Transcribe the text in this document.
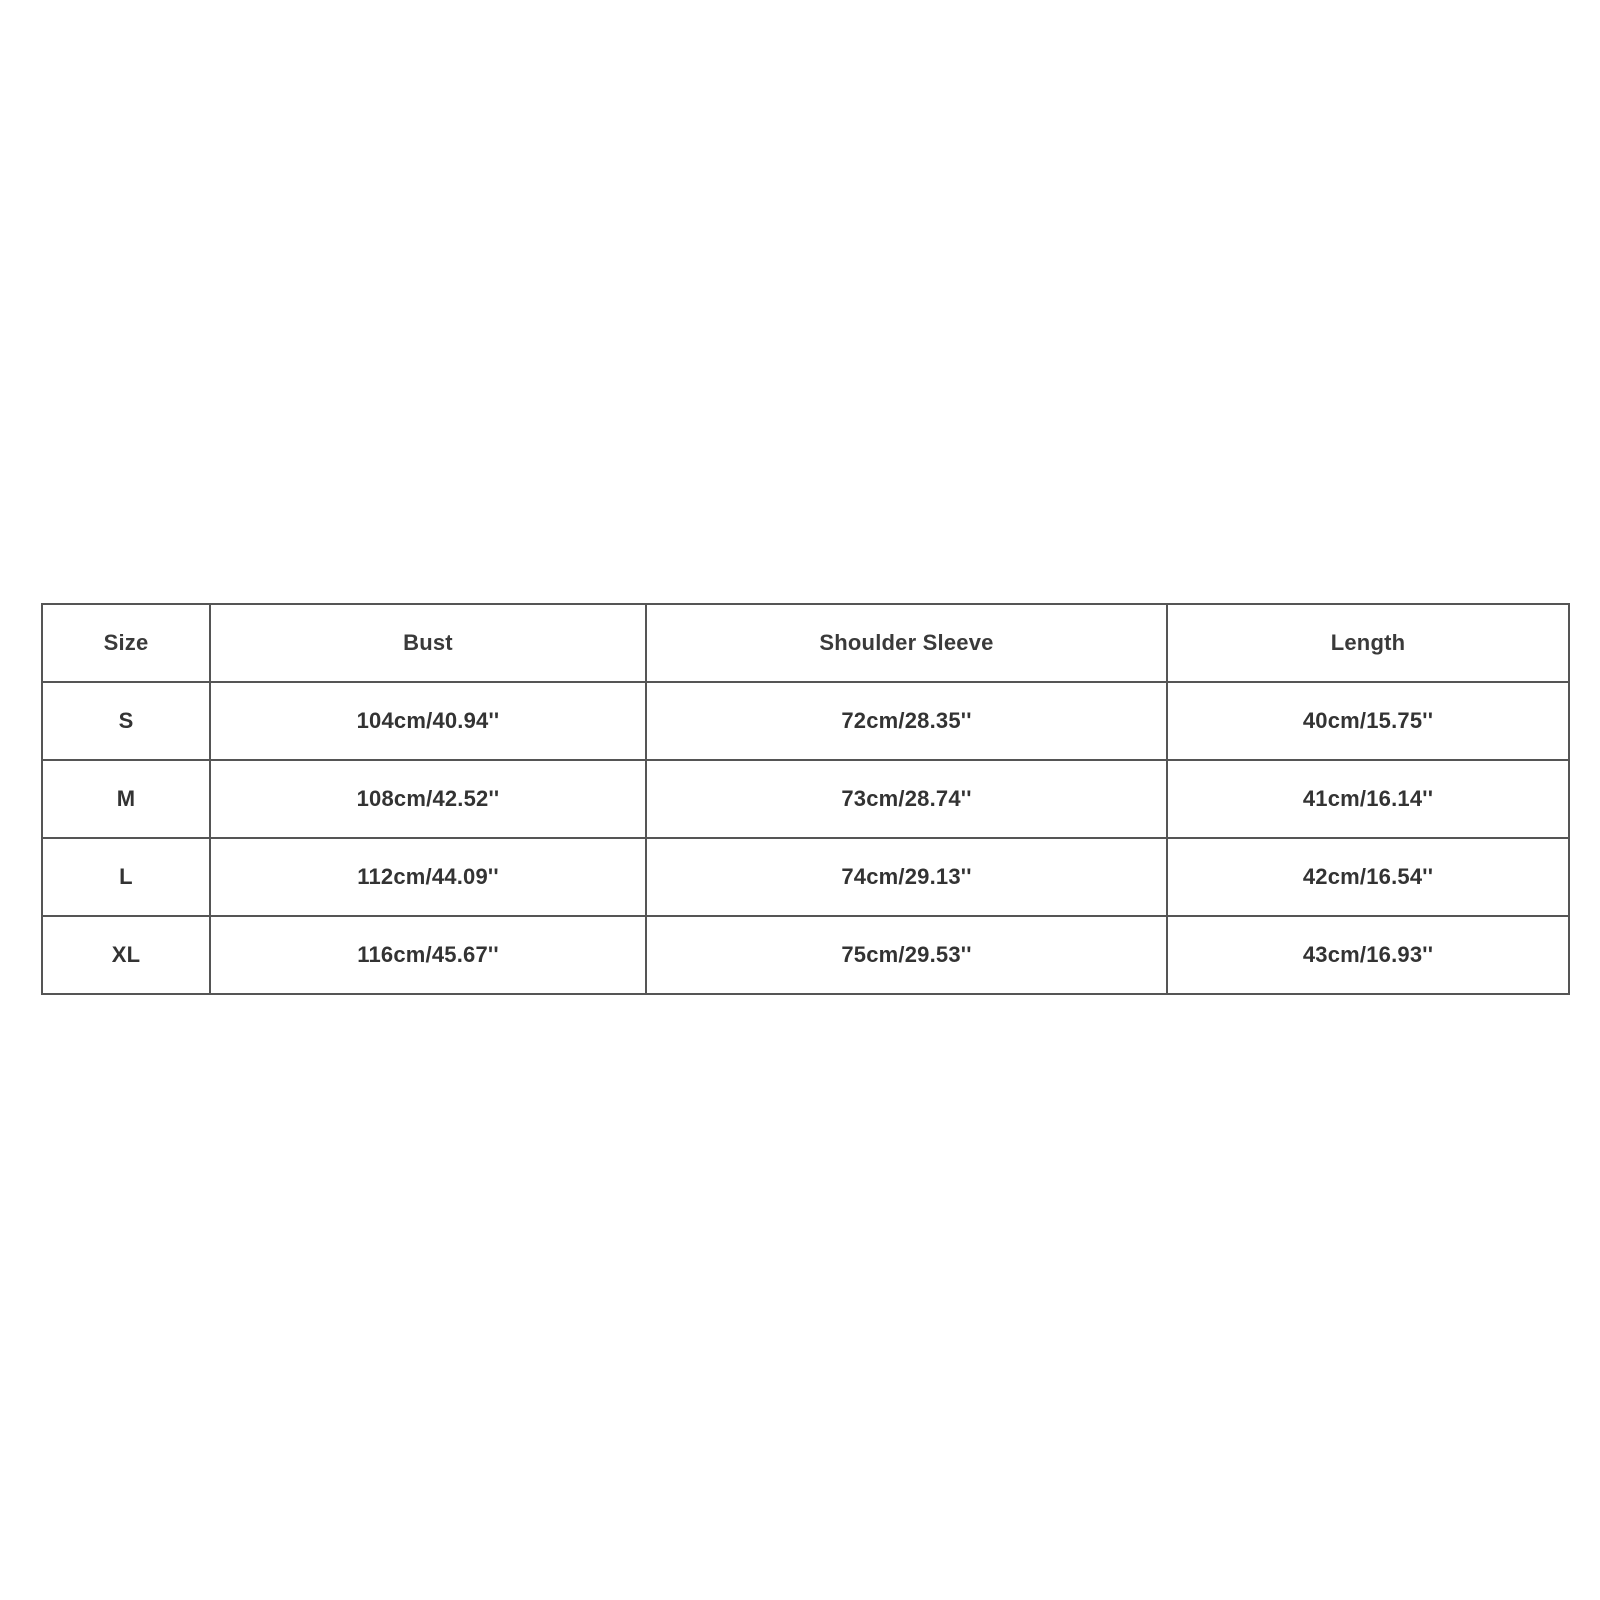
Size	Bust	Shoulder Sleeve	Length
S	104cm/40.94''	72cm/28.35''	40cm/15.75''
M	108cm/42.52''	73cm/28.74''	41cm/16.14''
L	112cm/44.09''	74cm/29.13''	42cm/16.54''
XL	116cm/45.67''	75cm/29.53''	43cm/16.93''
